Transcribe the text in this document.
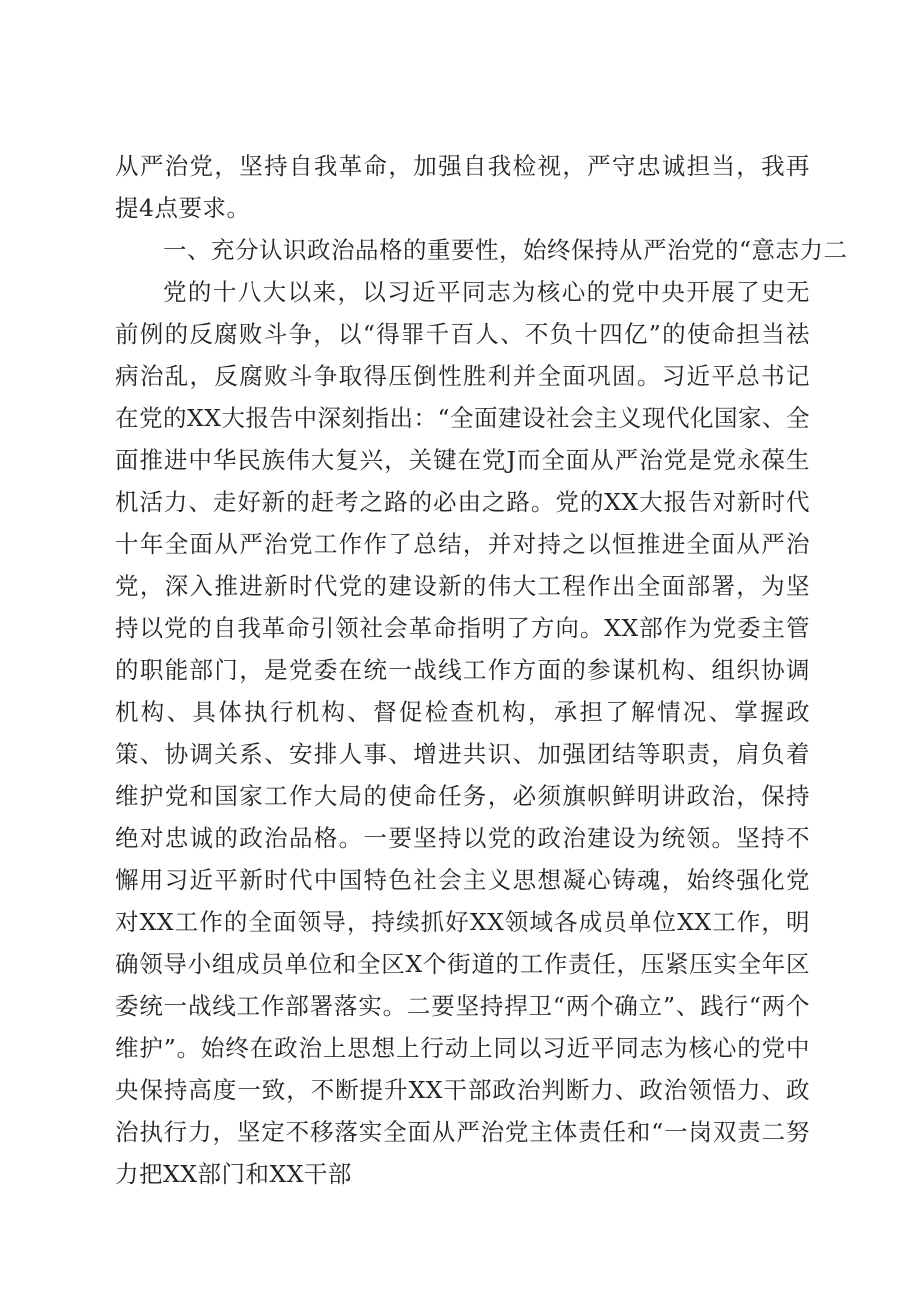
从严治党，坚持自我革命，加强自我检视，严守忠诚担当，我再提4点要求。
一、充分认识政治品格的重要性，始终保持从严治党的“意志力二
党的十八大以来，以习近平同志为核心的党中央开展了史无前例的反腐败斗争，以“得罪千百人、不负十四亿”的使命担当祛病治乱，反腐败斗争取得压倒性胜利并全面巩固。习近平总书记在党的XX大报告中深刻指出：“全面建设社会主义现代化国家、全面推进中华民族伟大复兴，关键在党J而全面从严治党是党永葆生机活力、走好新的赶考之路的必由之路。党的XX大报告对新时代十年全面从严治党工作作了总结，并对持之以恒推进全面从严治党，深入推进新时代党的建设新的伟大工程作出全面部署，为坚持以党的自我革命引领社会革命指明了方向。XX部作为党委主管的职能部门，是党委在统一战线工作方面的参谋机构、组织协调机构、具体执行机构、督促检查机构，承担了解情况、掌握政策、协调关系、安排人事、增进共识、加强团结等职责，肩负着维护党和国家工作大局的使命任务，必须旗帜鲜明讲政治，保持绝对忠诚的政治品格。一要坚持以党的政治建设为统领。坚持不懈用习近平新时代中国特色社会主义思想凝心铸魂，始终强化党对XX工作的全面领导，持续抓好XX领域各成员单位XX工作，明确领导小组成员单位和全区X个街道的工作责任，压紧压实全年区委统一战线工作部署落实。二要坚持捍卫“两个确立”、践行“两个维护”。始终在政治上思想上行动上同以习近平同志为核心的党中央保持高度一致，不断提升XX干部政治判断力、政治领悟力、政治执行力，坚定不移落实全面从严治党主体责任和“一岗双责二努力把XX部门和XX干部
